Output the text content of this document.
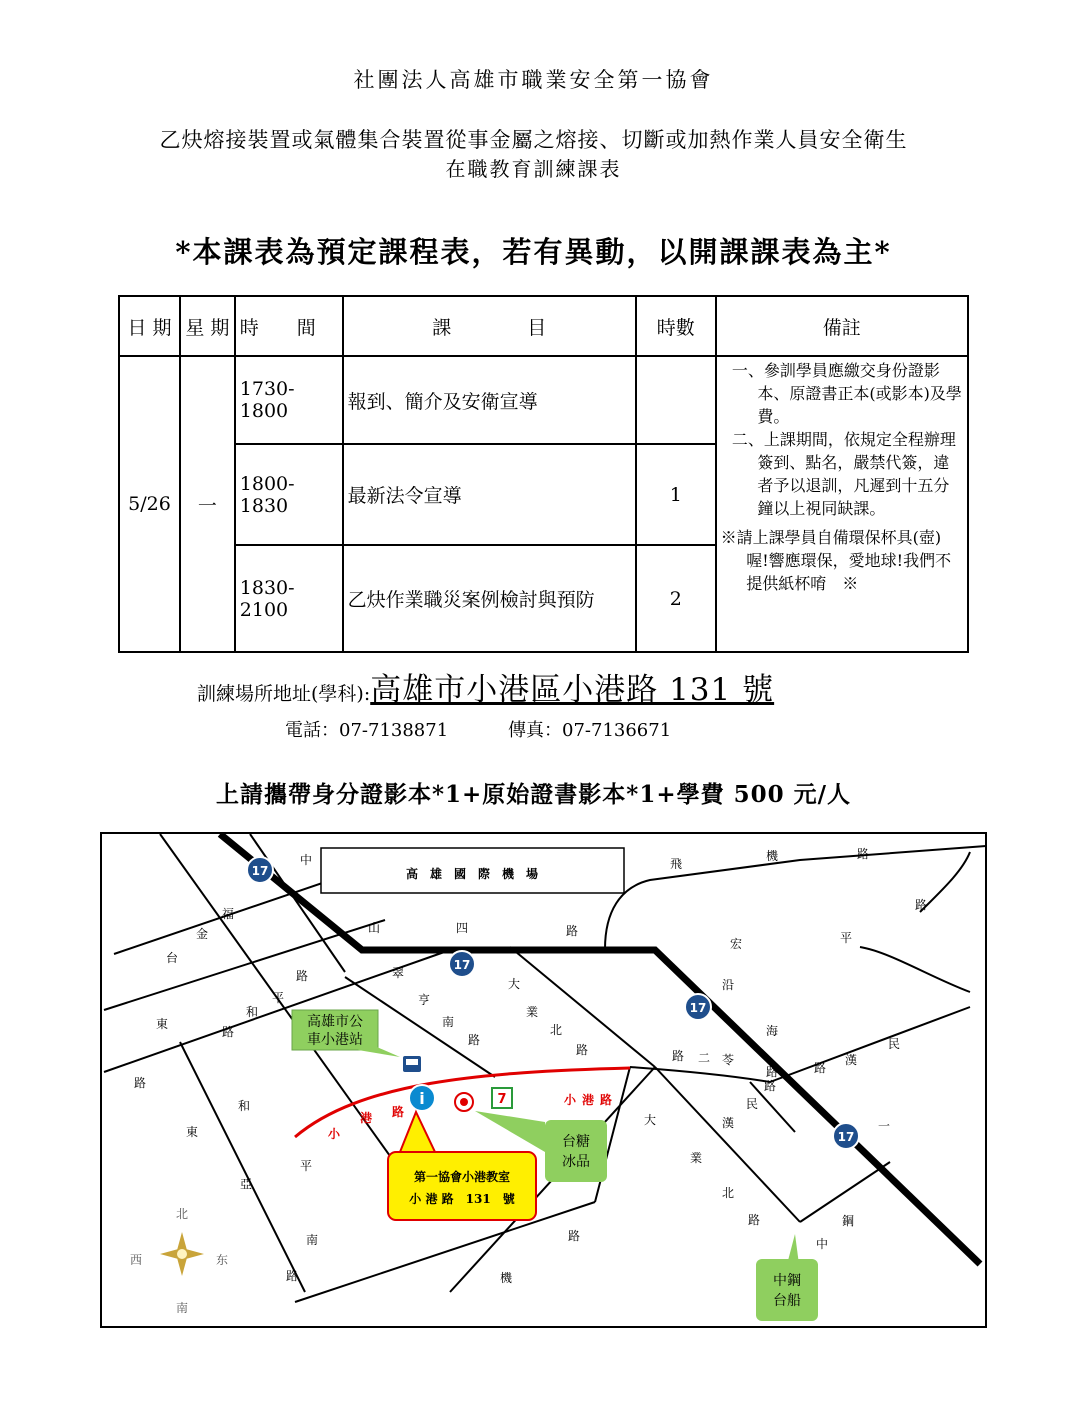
社團法人高雄市職業安全第一協會
乙炔熔接裝置或氣體集合裝置從事金屬之熔接、切斷或加熱作業人員安全衛生
在職教育訓練課表
*本課表為預定課程表，若有異動，以開課課表為主*
日 期	星 期	時　　間	課　　　　目	時數	備註
5/26	一	1730-1800	報到、簡介及安衛宣導		一、參訓學員應繳交身份證影本、原證書正本(或影本)及學費。

二、上課期間，依規定全程辦理簽到、點名，嚴禁代簽，違者予以退訓，凡遲到十五分鐘以上視同缺課。

※請上課學員自備環保杯具(壺)　喔!響應環保，愛地球!我們不提供紙杯唷　※

		1800-1830	最新法令宣導	1	
		1830-2100	乙炔作業職災案例檢討與預防	2	
訓練場所地址(學科):高雄市小港區小港路 131 號
電話：07-7138871	傳真：07-7136671
上請攜帶身分證影本*1+原始證書影本*1+學費 500 元/人
高　雄　國　際　機　場
17
17
17
17
中
山	四	路
翠
亨
南
路
大
業
北
路
飛
機	路
宏	平
路
沿
海
一
路 二 苓
路
漢
民
路
漢
民
路
大
業
北
路
中
鋼
路
機
台
金
福
路
和
平
東
路
東
亞
南
路
和
平
路
小
港 路
小 港 路
高雄市公
車小港站
i	7
台糖
冰品
第一協會小港教室
小 港 路　131　號
中鋼
台船
北
南
东
西
